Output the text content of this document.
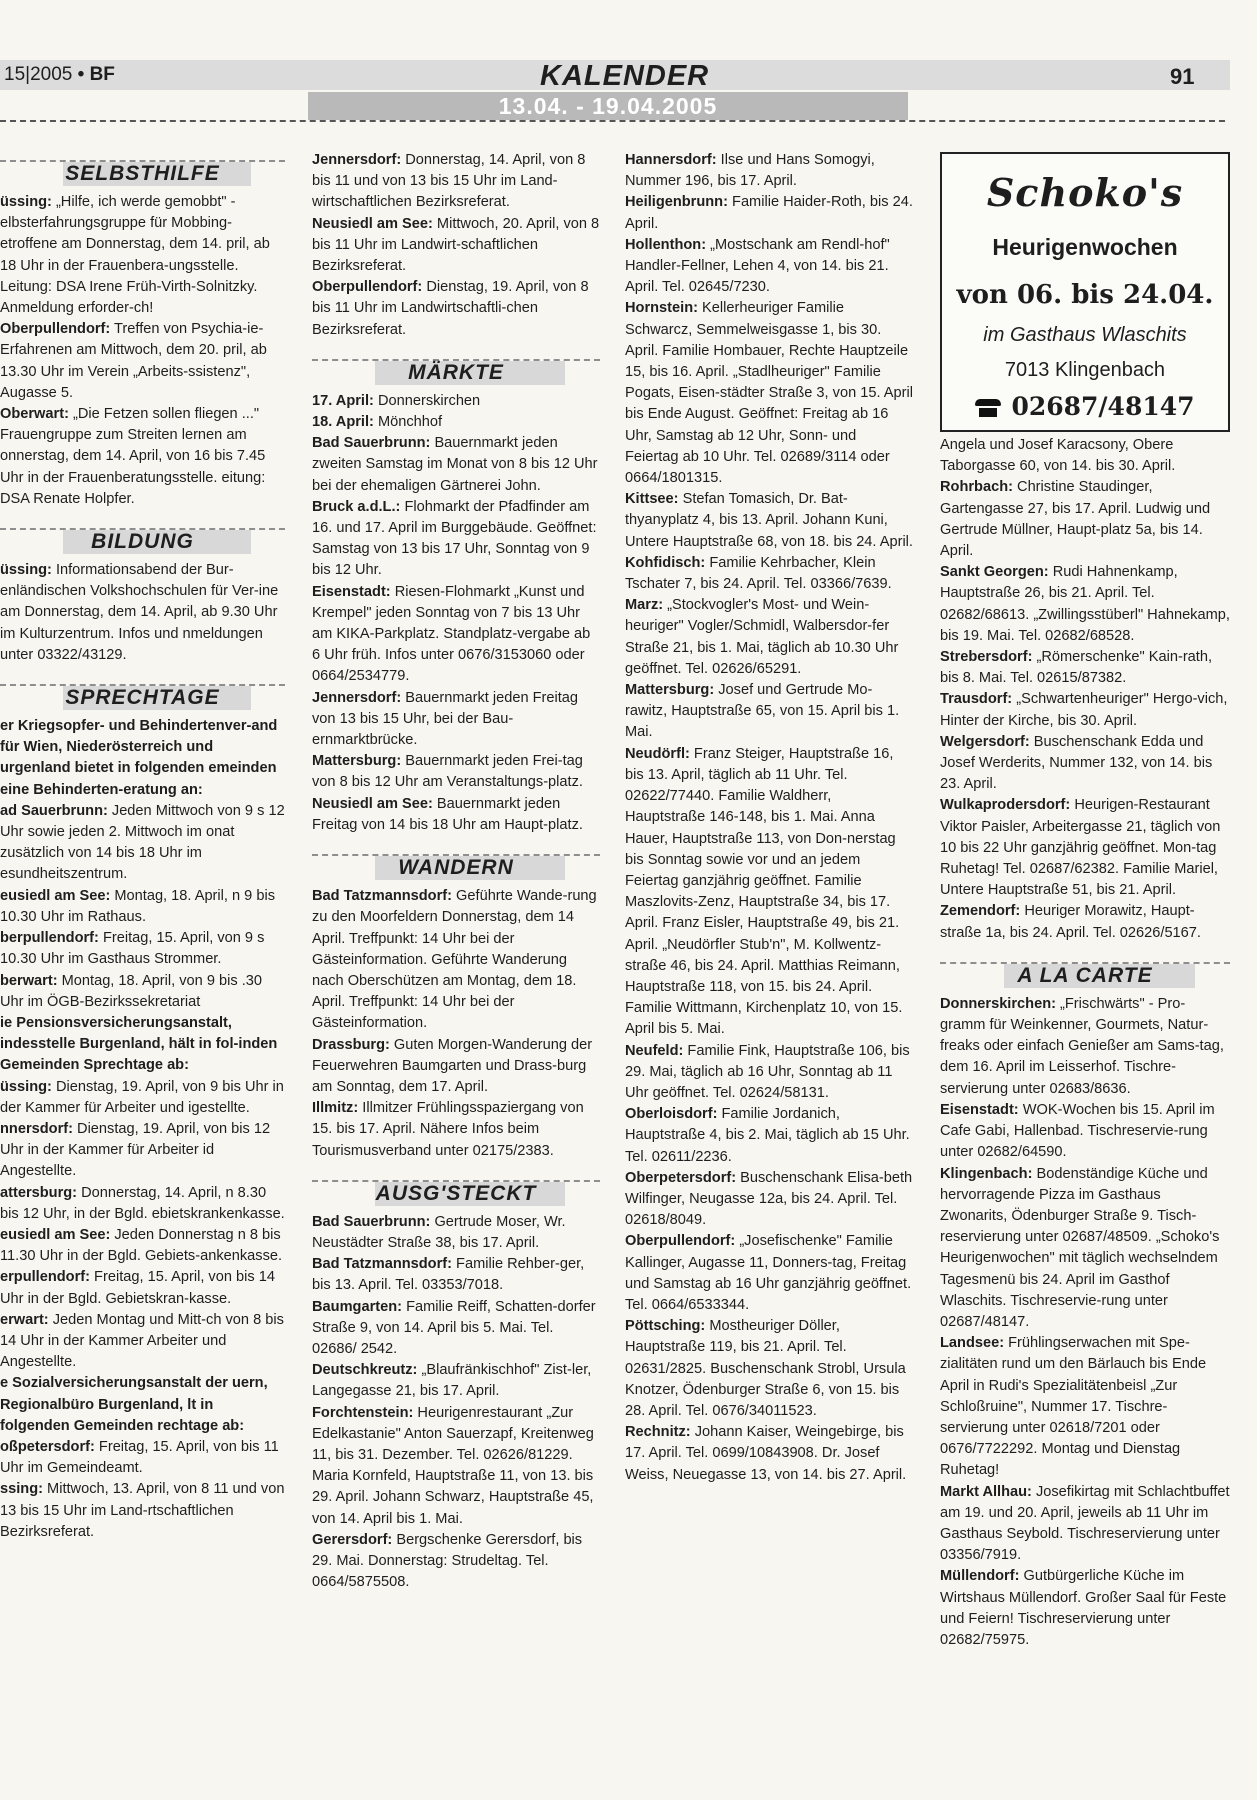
15|2005 • BF	KALENDER	91
13.04. - 19.04.2005
SELBSTHILFE

üssing: „Hilfe, ich werde gemobbt" - elbsterfahrungsgruppe für Mobbing-etroffene am Donnerstag, dem 14. pril, ab 18 Uhr in der Frauenbera-ungsstelle. Leitung: DSA Irene Früh-Virth-Solnitzky. Anmeldung erforder-ch!

Oberpullendorf: Treffen von Psychia-ie-Erfahrenen am Mittwoch, dem 20. pril, ab 13.30 Uhr im Verein „Arbeits-ssistenz", Augasse 5.

Oberwart: „Die Fetzen sollen fliegen ..." Frauengruppe zum Streiten lernen am onnerstag, dem 14. April, von 16 bis 7.45 Uhr in der Frauenberatungsstelle. eitung: DSA Renate Holpfer.

BILDUNG

üssing: Informationsabend der Bur-enländischen Volkshochschulen für Ver-ine am Donnerstag, dem 14. April, ab 9.30 Uhr im Kulturzentrum. Infos und nmeldungen unter 03322/43129.

SPRECHTAGE

er Kriegsopfer- und Behindertenver-and für Wien, Niederösterreich und urgenland bietet in folgenden emeinden eine Behinderten-eratung an:

ad Sauerbrunn: Jeden Mittwoch von 9 s 12 Uhr sowie jeden 2. Mittwoch im onat zusätzlich von 14 bis 18 Uhr im esundheitszentrum.

eusiedl am See: Montag, 18. April, n 9 bis 10.30 Uhr im Rathaus.

berpullendorf: Freitag, 15. April, von 9 s 10.30 Uhr im Gasthaus Strommer.

berwart: Montag, 18. April, von 9 bis .30 Uhr im ÖGB-Bezirkssekretariat

ie Pensionsversicherungsanstalt, indesstelle Burgenland, hält in fol-inden Gemeinden Sprechtage ab:

üssing: Dienstag, 19. April, von 9 bis Uhr in der Kammer für Arbeiter und igestellte.

nnersdorf: Dienstag, 19. April, von bis 12 Uhr in der Kammer für Arbeiter id Angestellte.

attersburg: Donnerstag, 14. April, n 8.30 bis 12 Uhr, in der Bgld. ebietskrankenkasse.

eusiedl am See: Jeden Donnerstag n 8 bis 11.30 Uhr in der Bgld. Gebiets-ankenkasse.

erpullendorf: Freitag, 15. April, von bis 14 Uhr in der Bgld. Gebietskran-kasse.

erwart: Jeden Montag und Mitt-ch von 8 bis 14 Uhr in der Kammer Arbeiter und Angestellte.

e Sozialversicherungsanstalt der uern, Regionalbüro Burgenland, lt in folgenden Gemeinden rechtage ab:

oßpetersdorf: Freitag, 15. April, von bis 11 Uhr im Gemeindeamt.

ssing: Mittwoch, 13. April, von 8 11 und von 13 bis 15 Uhr im Land-rtschaftlichen Bezirksreferat.

Jennersdorf: Donnerstag, 14. April, von 8 bis 11 und von 13 bis 15 Uhr im Land-wirtschaftlichen Bezirksreferat.

Neusiedl am See: Mittwoch, 20. April, von 8 bis 11 Uhr im Landwirt-schaftlichen Bezirksreferat.

Oberpullendorf: Dienstag, 19. April, von 8 bis 11 Uhr im Landwirtschaftli-chen Bezirksreferat.

MÄRKTE

17. April: Donnerskirchen

18. April: Mönchhof

Bad Sauerbrunn: Bauernmarkt jeden zweiten Samstag im Monat von 8 bis 12 Uhr bei der ehemaligen Gärtnerei John.

Bruck a.d.L.: Flohmarkt der Pfadfinder am 16. und 17. April im Burggebäude. Geöffnet: Samstag von 13 bis 17 Uhr, Sonntag von 9 bis 12 Uhr.

Eisenstadt: Riesen-Flohmarkt „Kunst und Krempel" jeden Sonntag von 7 bis 13 Uhr am KIKA-Parkplatz. Standplatz-vergabe ab 6 Uhr früh. Infos unter 0676/3153060 oder 0664/2534779.

Jennersdorf: Bauernmarkt jeden Freitag von 13 bis 15 Uhr, bei der Bau-ernmarktbrücke.

Mattersburg: Bauernmarkt jeden Frei-tag von 8 bis 12 Uhr am Veranstaltungs-platz.

Neusiedl am See: Bauernmarkt jeden Freitag von 14 bis 18 Uhr am Haupt-platz.

WANDERN

Bad Tatzmannsdorf: Geführte Wande-rung zu den Moorfeldern Donnerstag, dem 14 April. Treffpunkt: 14 Uhr bei der Gästeinformation. Geführte Wanderung nach Oberschützen am Montag, dem 18. April. Treffpunkt: 14 Uhr bei der Gästeinformation.

Drassburg: Guten Morgen-Wanderung der Feuerwehren Baumgarten und Drass-burg am Sonntag, dem 17. April.

Illmitz: Illmitzer Frühlingsspaziergang von 15. bis 17. April. Nähere Infos beim Tourismusverband unter 02175/2383.

AUSG'STECKT

Bad Sauerbrunn: Gertrude Moser, Wr. Neustädter Straße 38, bis 17. April.

Bad Tatzmannsdorf: Familie Rehber-ger, bis 13. April. Tel. 03353/7018.

Baumgarten: Familie Reiff, Schatten-dorfer Straße 9, von 14. April bis 5. Mai. Tel. 02686/ 2542.

Deutschkreutz: „Blaufränkischhof" Zist-ler, Langegasse 21, bis 17. April.

Forchtenstein: Heurigenrestaurant „Zur Edelkastanie" Anton Sauerzapf, Kreitenweg 11, bis 31. Dezember. Tel. 02626/81229. Maria Kornfeld, Hauptstraße 11, von 13. bis 29. April. Johann Schwarz, Hauptstraße 45, von 14. April bis 1. Mai.

Gerersdorf: Bergschenke Gerersdorf, bis 29. Mai. Donnerstag: Strudeltag. Tel. 0664/5875508.

Hannersdorf: Ilse und Hans Somogyi, Nummer 196, bis 17. April.

Heiligenbrunn: Familie Haider-Roth, bis 24. April.

Hollenthon: „Mostschank am Rendl-hof" Handler-Fellner, Lehen 4, von 14. bis 21. April. Tel. 02645/7230.

Hornstein: Kellerheuriger Familie Schwarcz, Semmelweisgasse 1, bis 30. April. Familie Hombauer, Rechte Hauptzeile 15, bis 16. April. „Stadlheuriger" Familie Pogats, Eisen-städter Straße 3, von 15. April bis Ende August. Geöffnet: Freitag ab 16 Uhr, Samstag ab 12 Uhr, Sonn- und Feiertag ab 10 Uhr. Tel. 02689/3114 oder 0664/1801315.

Kittsee: Stefan Tomasich, Dr. Bat-thyanyplatz 4, bis 13. April. Johann Kuni, Untere Hauptstraße 68, von 18. bis 24. April.

Kohfidisch: Familie Kehrbacher, Klein Tschater 7, bis 24. April. Tel. 03366/7639.

Marz: „Stockvogler's Most- und Wein-heuriger" Vogler/Schmidl, Walbersdor-fer Straße 21, bis 1. Mai, täglich ab 10.30 Uhr geöffnet. Tel. 02626/65291.

Mattersburg: Josef und Gertrude Mo-rawitz, Hauptstraße 65, von 15. April bis 1. Mai.

Neudörfl: Franz Steiger, Hauptstraße 16, bis 13. April, täglich ab 11 Uhr. Tel. 02622/77440. Familie Waldherr, Hauptstraße 146-148, bis 1. Mai. Anna Hauer, Hauptstraße 113, von Don-nerstag bis Sonntag sowie vor und an jedem Feiertag ganzjährig geöffnet. Familie Maszlovits-Zenz, Hauptstraße 34, bis 17. April. Franz Eisler, Hauptstraße 49, bis 21. April. „Neudörfler Stub'n", M. Kollwentz-straße 46, bis 24. April. Matthias Reimann, Hauptstraße 118, von 15. bis 24. April. Familie Wittmann, Kirchenplatz 10, von 15. April bis 5. Mai.

Neufeld: Familie Fink, Hauptstraße 106, bis 29. Mai, täglich ab 16 Uhr, Sonntag ab 11 Uhr geöffnet. Tel. 02624/58131.

Oberloisdorf: Familie Jordanich, Hauptstraße 4, bis 2. Mai, täglich ab 15 Uhr. Tel. 02611/2236.

Oberpetersdorf: Buschenschank Elisa-beth Wilfinger, Neugasse 12a, bis 24. April. Tel. 02618/8049.

Oberpullendorf: „Josefischenke" Familie Kallinger, Augasse 11, Donners-tag, Freitag und Samstag ab 16 Uhr ganzjährig geöffnet. Tel. 0664/6533344.

Pöttsching: Mostheuriger Döller, Hauptstraße 119, bis 21. April. Tel. 02631/2825. Buschenschank Strobl, Ursula Knotzer, Ödenburger Straße 6, von 15. bis 28. April. Tel. 0676/34011523.

Rechnitz: Johann Kaiser, Weingebirge, bis 17. April. Tel. 0699/10843908. Dr. Josef Weiss, Neuegasse 13, von 14. bis 27. April.

Schoko's
Heurigenwochen
von 06. bis 24.04.
im Gasthaus Wlaschits
7013 Klingenbach
02687/48147

Angela und Josef Karacsony, Obere Taborgasse 60, von 14. bis 30. April.

Rohrbach: Christine Staudinger, Gartengasse 27, bis 17. April. Ludwig und Gertrude Müllner, Haupt-platz 5a, bis 14. April.

Sankt Georgen: Rudi Hahnenkamp, Hauptstraße 26, bis 21. April. Tel. 02682/68613. „Zwillingsstüberl" Hahnekamp, bis 19. Mai. Tel. 02682/68528.

Strebersdorf: „Römerschenke" Kain-rath, bis 8. Mai. Tel. 02615/87382.

Trausdorf: „Schwartenheuriger" Hergo-vich, Hinter der Kirche, bis 30. April.

Welgersdorf: Buschenschank Edda und Josef Werderits, Nummer 132, von 14. bis 23. April.

Wulkaprodersdorf: Heurigen-Restaurant Viktor Paisler, Arbeitergasse 21, täglich von 10 bis 22 Uhr ganzjährig geöffnet. Mon-tag Ruhetag! Tel. 02687/62382. Familie Mariel, Untere Hauptstraße 51, bis 21. April.

Zemendorf: Heuriger Morawitz, Haupt-straße 1a, bis 24. April. Tel. 02626/5167.

A LA CARTE

Donnerskirchen: „Frischwärts" - Pro-gramm für Weinkenner, Gourmets, Natur-freaks oder einfach Genießer am Sams-tag, dem 16. April im Leisserhof. Tischre-servierung unter 02683/8636.

Eisenstadt: WOK-Wochen bis 15. April im Cafe Gabi, Hallenbad. Tischreservie-rung unter 02682/64590.

Klingenbach: Bodenständige Küche und hervorragende Pizza im Gasthaus Zwonarits, Ödenburger Straße 9. Tisch-reservierung unter 02687/48509. „Schoko's Heurigenwochen" mit täglich wechselndem Tagesmenü bis 24. April im Gasthof Wlaschits. Tischreservie-rung unter 02687/48147.

Landsee: Frühlingserwachen mit Spe-zialitäten rund um den Bärlauch bis Ende April in Rudi's Spezialitätenbeisl „Zur Schloßruine", Nummer 17. Tischre-servierung unter 02618/7201 oder 0676/7722292. Montag und Dienstag Ruhetag!

Markt Allhau: Josefikirtag mit Schlachtbuffet am 19. und 20. April, jeweils ab 11 Uhr im Gasthaus Seybold. Tischreservierung unter 03356/7919.

Müllendorf: Gutbürgerliche Küche im Wirtshaus Müllendorf. Großer Saal für Feste und Feiern! Tischreservierung unter 02682/75975.
